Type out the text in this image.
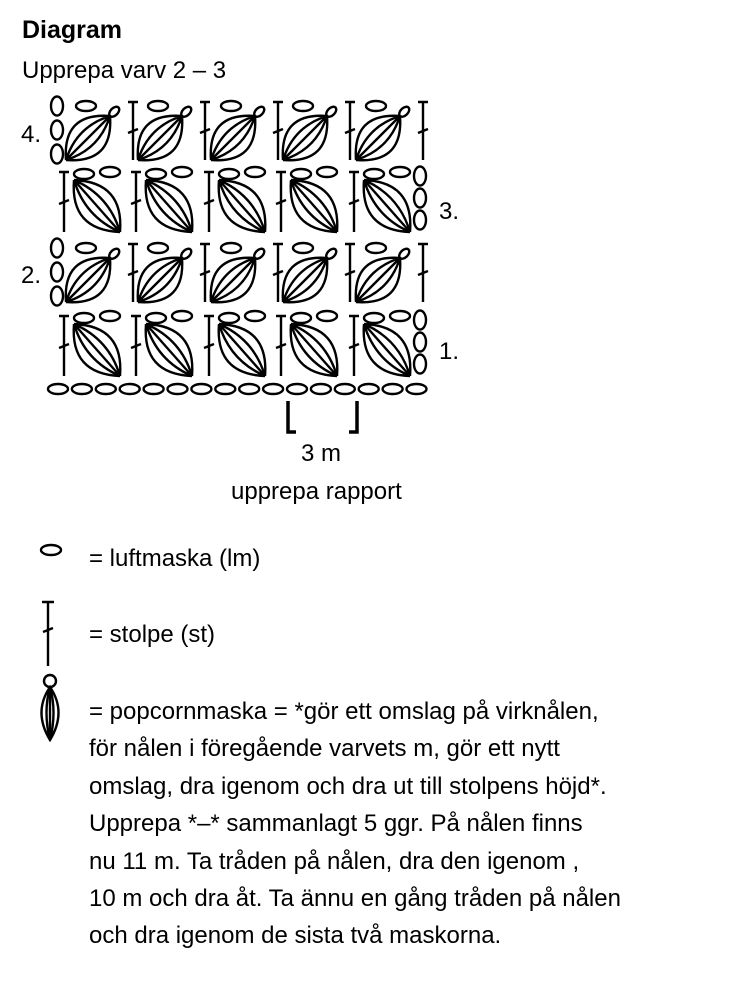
Diagram
Upprepa varv 2 – 3
4.
3.
2.
1.
3 m
upprepa rapport
= luftmaska (lm)
= stolpe (st)
= popcornmaska = *gör ett omslag på virknålen,
för nålen i föregående varvets m, gör ett nytt
omslag, dra igenom och dra ut till stolpens höjd*.
Upprepa *–* sammanlagt 5 ggr. På nålen finns
nu 11 m. Ta tråden på nålen, dra den igenom ,
10 m och dra åt. Ta ännu en gång tråden på nålen
och dra igenom de sista två maskorna.
